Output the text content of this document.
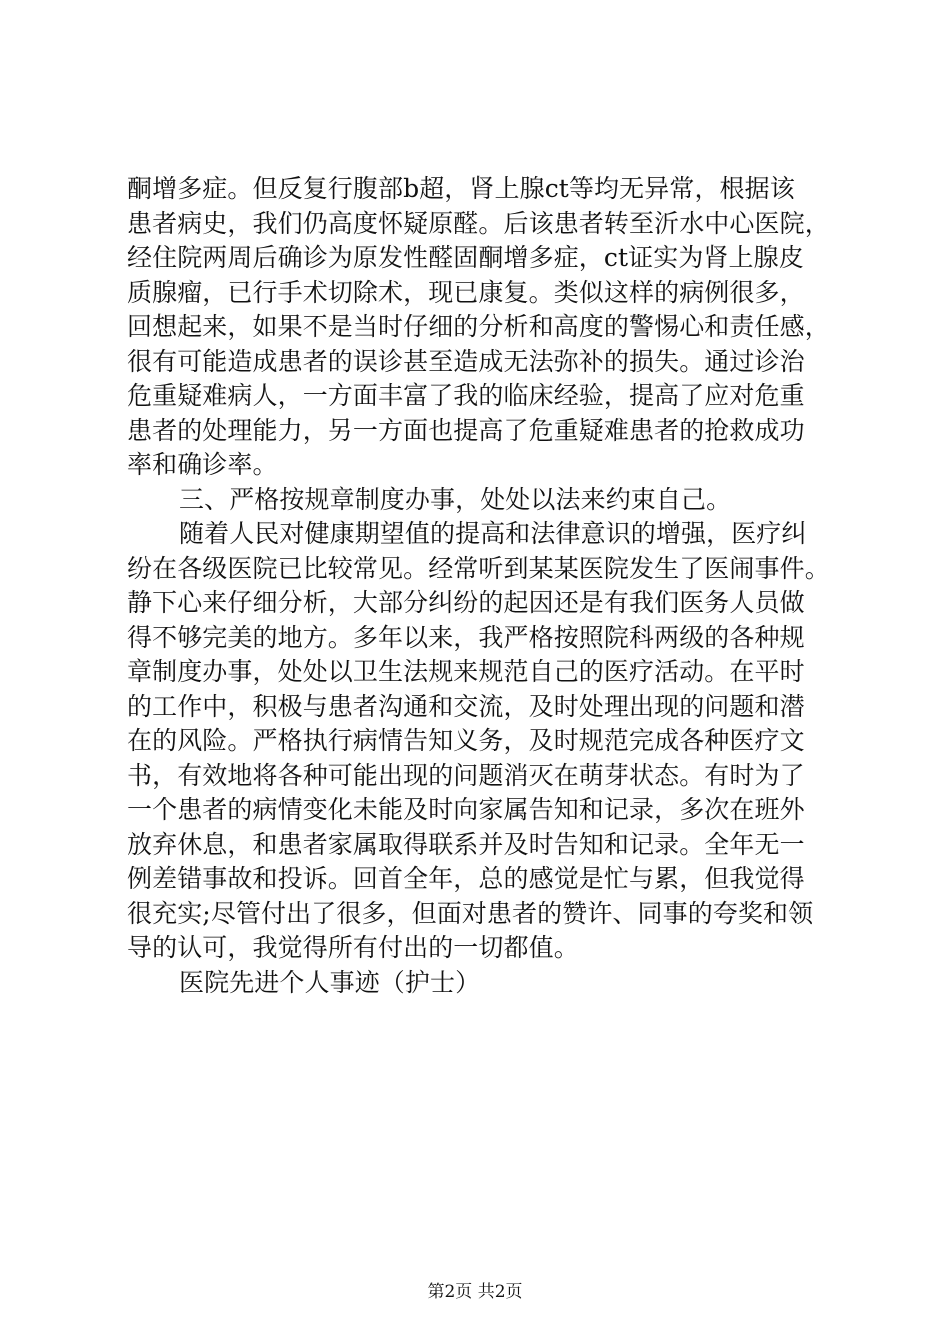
酮增多症。但反复行腹部b超，肾上腺ct等均无异常，根据该
患者病史，我们仍高度怀疑原醛。后该患者转至沂水中心医院，
经住院两周后确诊为原发性醛固酮增多症，ct证实为肾上腺皮
质腺瘤，已行手术切除术，现已康复。类似这样的病例很多，
回想起来，如果不是当时仔细的分析和高度的警惕心和责任感，
很有可能造成患者的误诊甚至造成无法弥补的损失。通过诊治
危重疑难病人，一方面丰富了我的临床经验，提高了应对危重
患者的处理能力，另一方面也提高了危重疑难患者的抢救成功
率和确诊率。
三、严格按规章制度办事，处处以法来约束自己。
随着人民对健康期望值的提高和法律意识的增强，医疗纠
纷在各级医院已比较常见。经常听到某某医院发生了医闹事件。
静下心来仔细分析，大部分纠纷的起因还是有我们医务人员做
得不够完美的地方。多年以来，我严格按照院科两级的各种规
章制度办事，处处以卫生法规来规范自己的医疗活动。在平时
的工作中，积极与患者沟通和交流，及时处理出现的问题和潜
在的风险。严格执行病情告知义务，及时规范完成各种医疗文
书，有效地将各种可能出现的问题消灭在萌芽状态。有时为了
一个患者的病情变化未能及时向家属告知和记录，多次在班外
放弃休息，和患者家属取得联系并及时告知和记录。全年无一
例差错事故和投诉。回首全年，总的感觉是忙与累，但我觉得
很充实;尽管付出了很多，但面对患者的赞许、同事的夸奖和领
导的认可，我觉得所有付出的一切都值。
医院先进个人事迹（护士）
第2页 共2页
